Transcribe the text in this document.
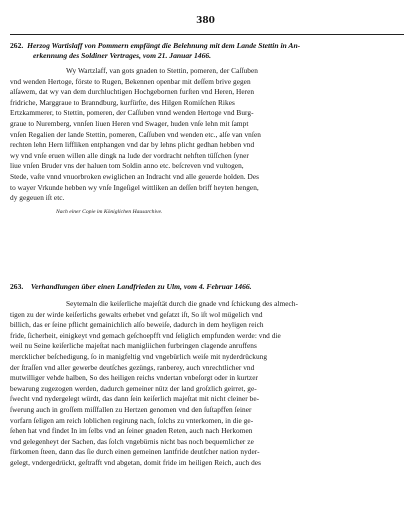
380
262. Herzog Wartislaff von Pommern empfängt die Belehnung mit dem Lande Stettin in An-
erkennung des Soldiner Vertrages, vom 21. Januar 1466.
Wy Wartzlaff, van gots gnaden to Stettin, pomeren, der Caſſuben
vnd wenden Hertoge, förste to Rugen, Bekennen openbar mit deſſem brive gegen
alſawem, dat wy van dem durchluchtigen Hochgebornen furſten vnd Heren, Heren
fridriche, Marggraue to Branndburg, kurfürſte, des Hilgen Romiſchen Rikes
Ertzkammerer, to Stettin, pomeren, der Caſſuben vnnd wenden Hertoge vnd Burg-
graue to Nuremberg, vnnſen liuen Heren vnd Swager, huden vnſe lehn mit ſampt
vnſen Regalien der lande Stettin, pomeren, Caſſuben vnd wenden etc., alſe van vnſen
rechten lehn Hern liffliken entphangen vnd dar by lehns plicht gedhan hebben vnd
wy vnd vnſe eruen willen alle dingk na lude der vordracht nehften tüſſchen ſyner
liue vnſen Bruder vns der haluen tom Soldin anno etc. beſcreven vnd vultogen,
Stede, vaſte vnnd vnuorbroken ewiglichen an Indracht vnd alle geuerde holden. Des
to wayer Vrkunde hebben wy vnſe Ingeſigel wittliken an deſſen briff heyten hengen,
dy gegeuen iſt etc.
Nach einer Copie im Königlichen Hausarchive.
263. Verhandlungen über einen Landfrieden zu Ulm, vom 4. Februar 1466.
Seytemaln die keiſerliche majeſtät durch die gnade vnd ſchickung des almech-
tigen zu der wirde keiſerlichs gewalts erhebet vnd geſatzt iſt, So iſt wol mügelich vnd
billich, das er ſeine pflicht gemainichlich alſo beweiſe, dadurch in dem heyligen reich
fride, ſicherheit, einigkeyt vnd gemach geſchoepfft vnd ſeliglich empfunden werde: vnd die
weil nu Seine keiſerliche majeſtat nach manigliichen furbringen clagende anruffens
mercklicher beſchedigung, ſo in manigfeltig vnd vngebürlich weiſe mit nyderdrückung
der ſtraſſen vnd aller gewerbe deutſches gezüngs, ranberey, auch vnrechtlicher vnd
mutwilliger vehde halben, So des heiligen reichs vndertan vnbeſorgt oder in kurtzer
bewarung zugezogen werden, dadurch gemeiner nütz der land groſzlich geirret, ge-
ſwecht vnd nydergelegt würdt, das dann ſein keiſerlich majeſtat mit nicht cleiner be-
ſwerung auch in groſſem miſſfallen zu Hertzen genomen vnd den ſuſtapffen ſeiner
vorfarn ſeligen am reich loblichen regirung nach, ſolchs zu vnterkomen, in die ge-
ſehen hat vnd findet In im ſelbs vnd an ſeiner gnaden Reten, auch nach Herkomen
vnd gelegenheyt der Sachen, das ſolch vngebürnis nicht bas noch bequemlicher ze
fürkomen ſteen, dann das ſie durch einen gemeinen lantfride deutſcher nation nyder-
gelegt, vndergedrückt, geſtrafft vnd abgetan, domit fride im heiligen Reich, auch des
